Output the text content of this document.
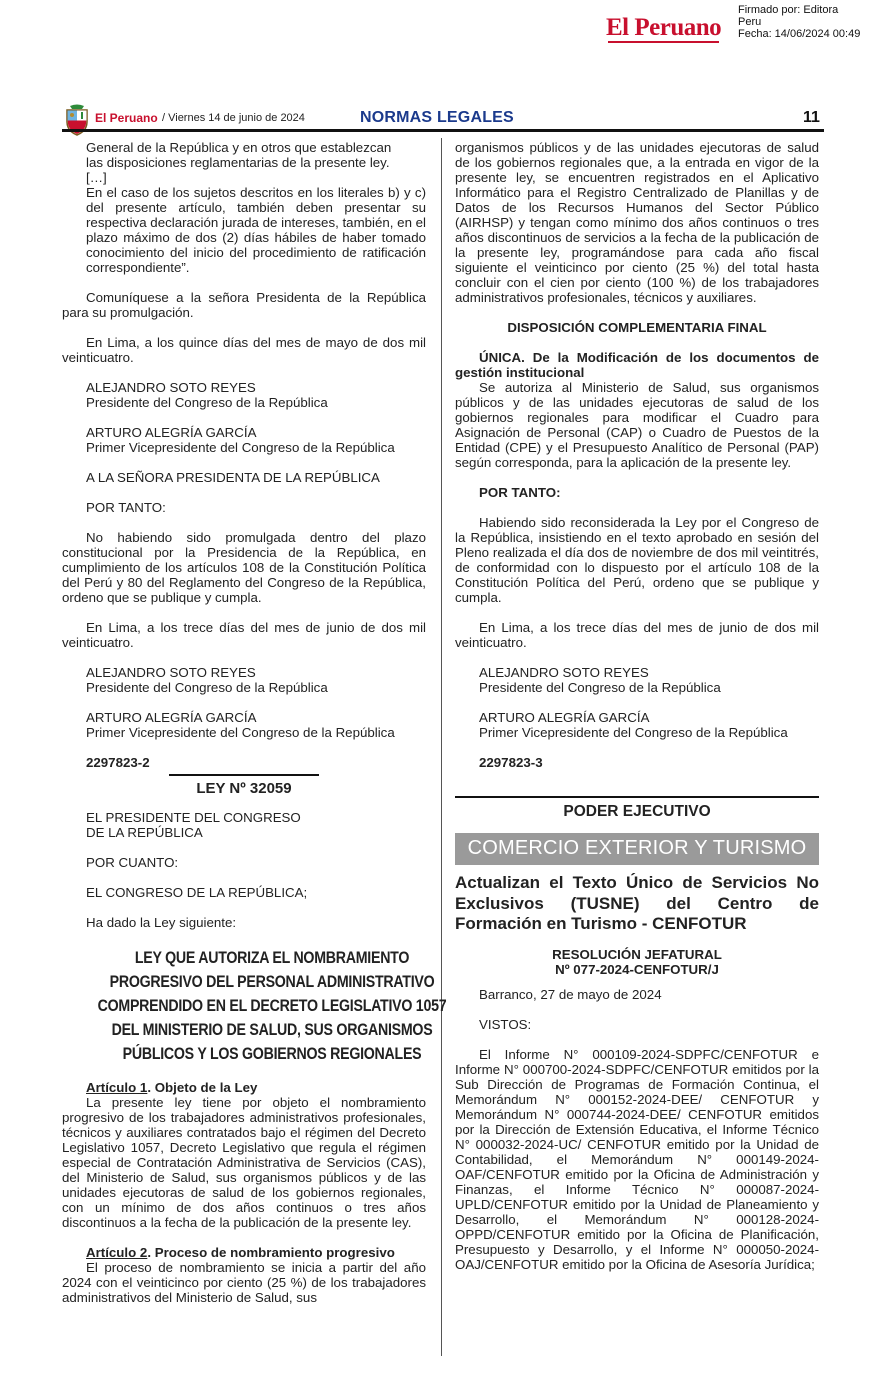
El Peruano
Firmado por: Editora
Peru
Fecha: 14/06/2024 00:49
El Peruano / Viernes 14 de junio de 2024	NORMAS LEGALES	11

General de la República y en otros que establezcan

las disposiciones reglamentarias de la presente ley.

[…]

En el caso de los sujetos descritos en los literales b) y c) del presente artículo, también deben presentar su respectiva declaración jurada de intereses, también, en el plazo máximo de dos (2) días hábiles de haber tomado conocimiento del inicio del procedimiento de ratificación correspondiente”.

Comuníquese a la señora Presidenta de la República para su promulgación.

En Lima, a los quince días del mes de mayo de dos mil veinticuatro.

ALEJANDRO SOTO REYES

Presidente del Congreso de la República

ARTURO ALEGRÍA GARCÍA

Primer Vicepresidente del Congreso de la República

A LA SEÑORA PRESIDENTA DE LA REPÚBLICA

POR TANTO:

No habiendo sido promulgada dentro del plazo constitucional por la Presidencia de la República, en cumplimiento de los artículos 108 de la Constitución Política del Perú y 80 del Reglamento del Congreso de la República, ordeno que se publique y cumpla.

En Lima, a los trece días del mes de junio de dos mil veinticuatro.

ALEJANDRO SOTO REYES

Presidente del Congreso de la República

ARTURO ALEGRÍA GARCÍA

Primer Vicepresidente del Congreso de la República

2297823-2

LEY Nº 32059

EL PRESIDENTE DEL CONGRESO

DE LA REPÚBLICA

POR CUANTO:

EL CONGRESO DE LA REPÚBLICA;

Ha dado la Ley siguiente:

LEY QUE AUTORIZA EL NOMBRAMIENTO PROGRESIVO DEL PERSONAL ADMINISTRATIVO COMPRENDIDO EN EL DECRETO LEGISLATIVO 1057 DEL MINISTERIO DE SALUD, SUS ORGANISMOS PÚBLICOS Y LOS GOBIERNOS REGIONALES

Artículo 1. Objeto de la Ley

La presente ley tiene por objeto el nombramiento progresivo de los trabajadores administrativos profesionales, técnicos y auxiliares contratados bajo el régimen del Decreto Legislativo 1057, Decreto Legislativo que regula el régimen especial de Contratación Administrativa de Servicios (CAS), del Ministerio de Salud, sus organismos públicos y de las unidades ejecutoras de salud de los gobiernos regionales, con un mínimo de dos años continuos o tres años discontinuos a la fecha de la publicación de la presente ley.

Artículo 2. Proceso de nombramiento progresivo

El proceso de nombramiento se inicia a partir del año 2024 con el veinticinco por ciento (25 %) de los trabajadores administrativos del Ministerio de Salud, sus

organismos públicos y de las unidades ejecutoras de salud de los gobiernos regionales que, a la entrada en vigor de la presente ley, se encuentren registrados en el Aplicativo Informático para el Registro Centralizado de Planillas y de Datos de los Recursos Humanos del Sector Público (AIRHSP) y tengan como mínimo dos años continuos o tres años discontinuos de servicios a la fecha de la publicación de la presente ley, programándose para cada año fiscal siguiente el veinticinco por ciento (25 %) del total hasta concluir con el cien por ciento (100 %) de los trabajadores administrativos profesionales, técnicos y auxiliares.

DISPOSICIÓN COMPLEMENTARIA FINAL

ÚNICA. De la Modificación de los documentos de gestión institucional

Se autoriza al Ministerio de Salud, sus organismos públicos y de las unidades ejecutoras de salud de los gobiernos regionales para modificar el Cuadro para Asignación de Personal (CAP) o Cuadro de Puestos de la Entidad (CPE) y el Presupuesto Analítico de Personal (PAP) según corresponda, para la aplicación de la presente ley.

POR TANTO:

Habiendo sido reconsiderada la Ley por el Congreso de la República, insistiendo en el texto aprobado en sesión del Pleno realizada el día dos de noviembre de dos mil veintitrés, de conformidad con lo dispuesto por el artículo 108 de la Constitución Política del Perú, ordeno que se publique y cumpla.

En Lima, a los trece días del mes de junio de dos mil veinticuatro.

ALEJANDRO SOTO REYES

Presidente del Congreso de la República

ARTURO ALEGRÍA GARCÍA

Primer Vicepresidente del Congreso de la República

2297823-3

PODER EJECUTIVO

COMERCIO EXTERIOR Y TURISMO

Actualizan el Texto Único de Servicios No Exclusivos (TUSNE) del Centro de Formación en Turismo - CENFOTUR

RESOLUCIÓN JEFATURAL

Nº 077-2024-CENFOTUR/J

Barranco, 27 de mayo de 2024

VISTOS:

El Informe N° 000109-2024-SDPFC/CENFOTUR e Informe N° 000700-2024-SDPFC/CENFOTUR emitidos por la Sub Dirección de Programas de Formación Continua, el Memorándum N° 000152-2024-DEE/ CENFOTUR y Memorándum N° 000744-2024-DEE/ CENFOTUR emitidos por la Dirección de Extensión Educativa, el Informe Técnico N° 000032-2024-UC/ CENFOTUR emitido por la Unidad de Contabilidad, el Memorándum N° 000149-2024-OAF/CENFOTUR emitido por la Oficina de Administración y Finanzas, el Informe Técnico N° 000087-2024-UPLD/CENFOTUR emitido por la Unidad de Planeamiento y Desarrollo, el Memorándum N° 000128-2024-OPPD/CENFOTUR emitido por la Oficina de Planificación, Presupuesto y Desarrollo, y el Informe N° 000050-2024-OAJ/CENFOTUR emitido por la Oficina de Asesoría Jurídica;
